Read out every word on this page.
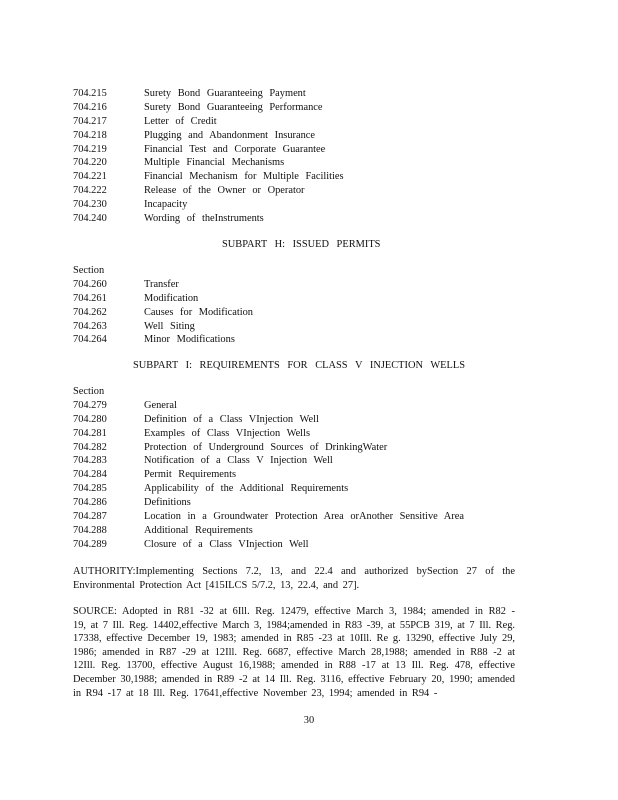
704.215	Surety Bond Guaranteeing Payment
704.216	Surety Bond Guaranteeing Performance
704.217	Letter of Credit
704.218	Plugging and Abandonment Insurance
704.219	Financial Test and Corporate Guarantee
704.220	Multiple Financial Mechanisms
704.221	Financial Mechanism for Multiple Facilities
704.222	Release of the Owner or Operator
704.230	Incapacity
704.240	Wording of theInstruments
SUBPART H: ISSUED PERMITS
Section
704.260	Transfer
704.261	Modification
704.262	Causes for Modification
704.263	Well Siting
704.264	Minor Modifications
SUBPART I: REQUIREMENTS FOR CLASS V INJECTION WELLS
Section
704.279	General
704.280	Definition of a Class VInjection Well
704.281	Examples of Class VInjection Wells
704.282	Protection of Underground Sources of DrinkingWater
704.283	Notification of a Class V Injection Well
704.284	Permit Requirements
704.285	Applicability of the Additional Requirements
704.286	Definitions
704.287	Location in a Groundwater Protection Area orAnother Sensitive Area
704.288	Additional Requirements
704.289	Closure of a Class VInjection Well

AUTHORITY:Implementing Sections 7.2, 13, and 22.4 and authorized bySection 27 of the Environmental Protection Act [415ILCS 5/7.2, 13, 22.4, and 27].

SOURCE: Adopted in R81 -32 at 6Ill. Reg. 12479, effective March 3, 1984; amended in R82 - 19, at 7 Ill. Reg. 14402,effective March 3, 1984;amended in R83 -39, at 55PCB 319, at 7 Ill. Reg. 17338, effective December 19, 1983; amended in R85 -23 at 10Ill. Re g. 13290, effective July 29, 1986; amended in R87 -29 at 12Ill. Reg. 6687, effective March 28,1988; amended in R88 -2 at 12Ill. Reg. 13700, effective August 16,1988; amended in R88 -17 at 13 Ill. Reg. 478, effective December 30,1988; amended in R89 -2 at 14 Ill. Reg. 3116, effective February 20, 1990; amended in R94 -17 at 18 Ill. Reg. 17641,effective November 23, 1994; amended in R94 -

30
